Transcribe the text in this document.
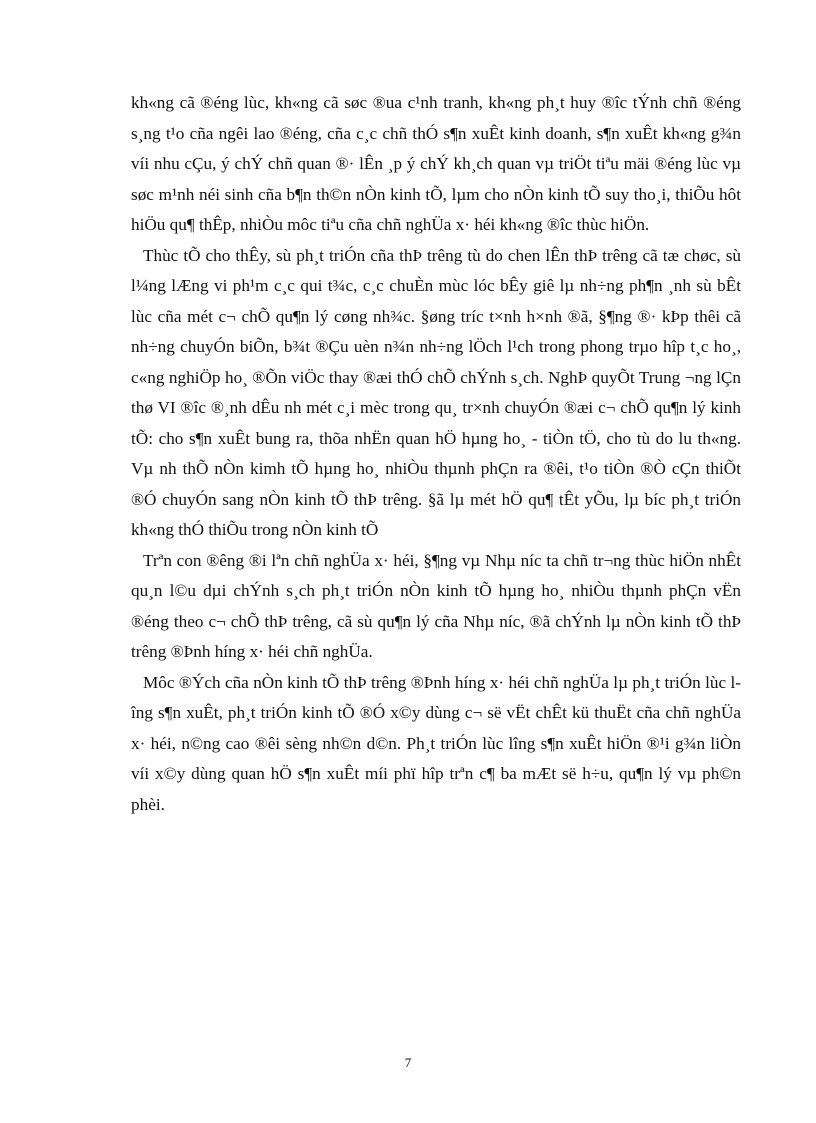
kh«ng cã ®éng lùc, kh«ng cã søc ®ua c¹nh tranh, kh«ng ph¸t huy ®îc tÝnh chñ ®éng s¸ng t¹o cña ngêi lao ®éng, cña c¸c chñ thÓ s¶n xuÊt kinh doanh, s¶n xuÊt kh«ng g¾n víi nhu cÇu, ý chÝ chñ quan ®· lÊn ¸p ý chÝ kh¸ch quan vµ triÖt tiªu mäi ®éng lùc vµ søc m¹nh néi sinh cña b¶n th©n nÒn kinh tÕ, lµm cho nÒn kinh tÕ suy tho¸i, thiÕu hôt hiÖu qu¶ thÊp, nhiÒu môc tiªu cña chñ nghÜa x· héi kh«ng ®îc thùc hiÖn.

Thùc tÕ cho thÊy, sù ph¸t triÓn cña thÞ trêng tù do chen lÊn thÞ trêng cã tæ chøc, sù l¼ng lÆng vi ph¹m c¸c qui t¾c, c¸c chuÈn mùc lóc bÊy giê lµ nh÷ng ph¶n ¸nh sù bÊt lùc cña mét c¬ chÕ qu¶n lý cøng nh¾c. §øng tríc t×nh h×nh ®ã, §¶ng ®· kÞp thêi cã nh÷ng chuyÓn biÕn, b¾t ®Çu uèn n¾n nh÷ng lÖch l¹ch trong phong trµo hîp t¸c ho¸, c«ng nghiÖp ho¸ ®Õn viÖc thay ®æi thÓ chÕ chÝnh s¸ch. NghÞ quyÕt Trung ¬ng lÇn thø VI ®îc ®¸nh dÊu nh mét c¸i mèc trong qu¸ tr×nh chuyÓn ®æi c¬ chÕ qu¶n lý kinh tÕ: cho s¶n xuÊt bung ra, thõa nhËn quan hÖ hµng ho¸ - tiÒn tÖ, cho tù do lu th«ng. Vµ nh thÕ nÒn kimh tÕ hµng ho¸ nhiÒu thµnh phÇn ra ®êi, t¹o tiÒn ®Ò cÇn thiÕt ®Ó chuyÓn sang nÒn kinh tÕ thÞ trêng. §ã lµ mét hÖ qu¶ tÊt yÕu, lµ bíc ph¸t triÓn kh«ng thÓ thiÕu trong nÒn kinh tÕ

Trªn con ®êng ®i lªn chñ nghÜa x· héi, §¶ng vµ Nhµ níc ta chñ tr¬ng thùc hiÖn nhÊt qu¸n l©u dµi chÝnh s¸ch ph¸t triÓn nÒn kinh tÕ hµng ho¸ nhiÒu thµnh phÇn vËn ®éng theo c¬ chÕ thÞ trêng, cã sù qu¶n lý cña Nhµ níc, ®ã chÝnh lµ nÒn kinh tÕ thÞ trêng ®Þnh híng x· héi chñ nghÜa.

Môc ®Ých cña nÒn kinh tÕ thÞ trêng ®Þnh híng x· héi chñ nghÜa lµ ph¸t triÓn lùc lîng s¶n xuÊt, ph¸t triÓn kinh tÕ ®Ó x©y dùng c¬ së vËt chÊt kü thuËt cña chñ nghÜa x· héi, n©ng cao ®êi sèng nh©n d©n. Ph¸t triÓn lùc lîng s¶n xuÊt hiÖn ®¹i g¾n liÒn víi x©y dùng quan hÖ s¶n xuÊt míi phï hîp trªn c¶ ba mÆt së h÷u, qu¶n lý vµ ph©n phèi.

7
